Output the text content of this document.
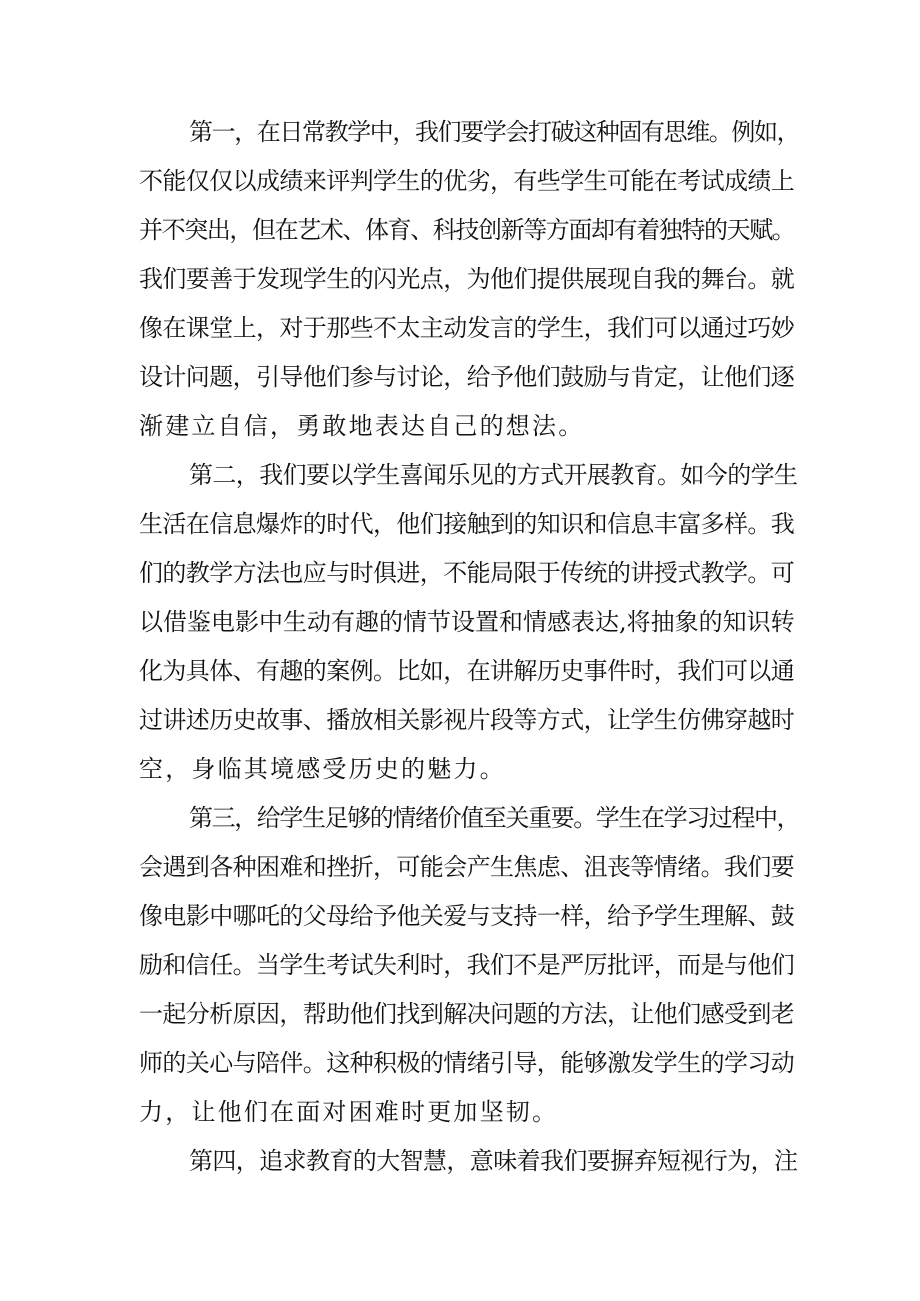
第一，在日常教学中，我们要学会打破这种固有思维。例如，
不能仅仅以成绩来评判学生的优劣，有些学生可能在考试成绩上
并不突出，但在艺术、体育、科技创新等方面却有着独特的天赋。
我们要善于发现学生的闪光点，为他们提供展现自我的舞台。就
像在课堂上，对于那些不太主动发言的学生，我们可以通过巧妙
设计问题，引导他们参与讨论，给予他们鼓励与肯定，让他们逐
渐建立自信，勇敢地表达自己的想法。

第二，我们要以学生喜闻乐见的方式开展教育。如今的学生
生活在信息爆炸的时代，他们接触到的知识和信息丰富多样。我
们的教学方法也应与时俱进，不能局限于传统的讲授式教学。可
以借鉴电影中生动有趣的情节设置和情感表达,将抽象的知识转
化为具体、有趣的案例。比如，在讲解历史事件时，我们可以通
过讲述历史故事、播放相关影视片段等方式，让学生仿佛穿越时
空，身临其境感受历史的魅力。

第三，给学生足够的情绪价值至关重要。学生在学习过程中，
会遇到各种困难和挫折，可能会产生焦虑、沮丧等情绪。我们要
像电影中哪吒的父母给予他关爱与支持一样，给予学生理解、鼓
励和信任。当学生考试失利时，我们不是严厉批评，而是与他们
一起分析原因，帮助他们找到解决问题的方法，让他们感受到老
师的关心与陪伴。这种积极的情绪引导，能够激发学生的学习动
力，让他们在面对困难时更加坚韧。

第四，追求教育的大智慧，意味着我们要摒弃短视行为，注
